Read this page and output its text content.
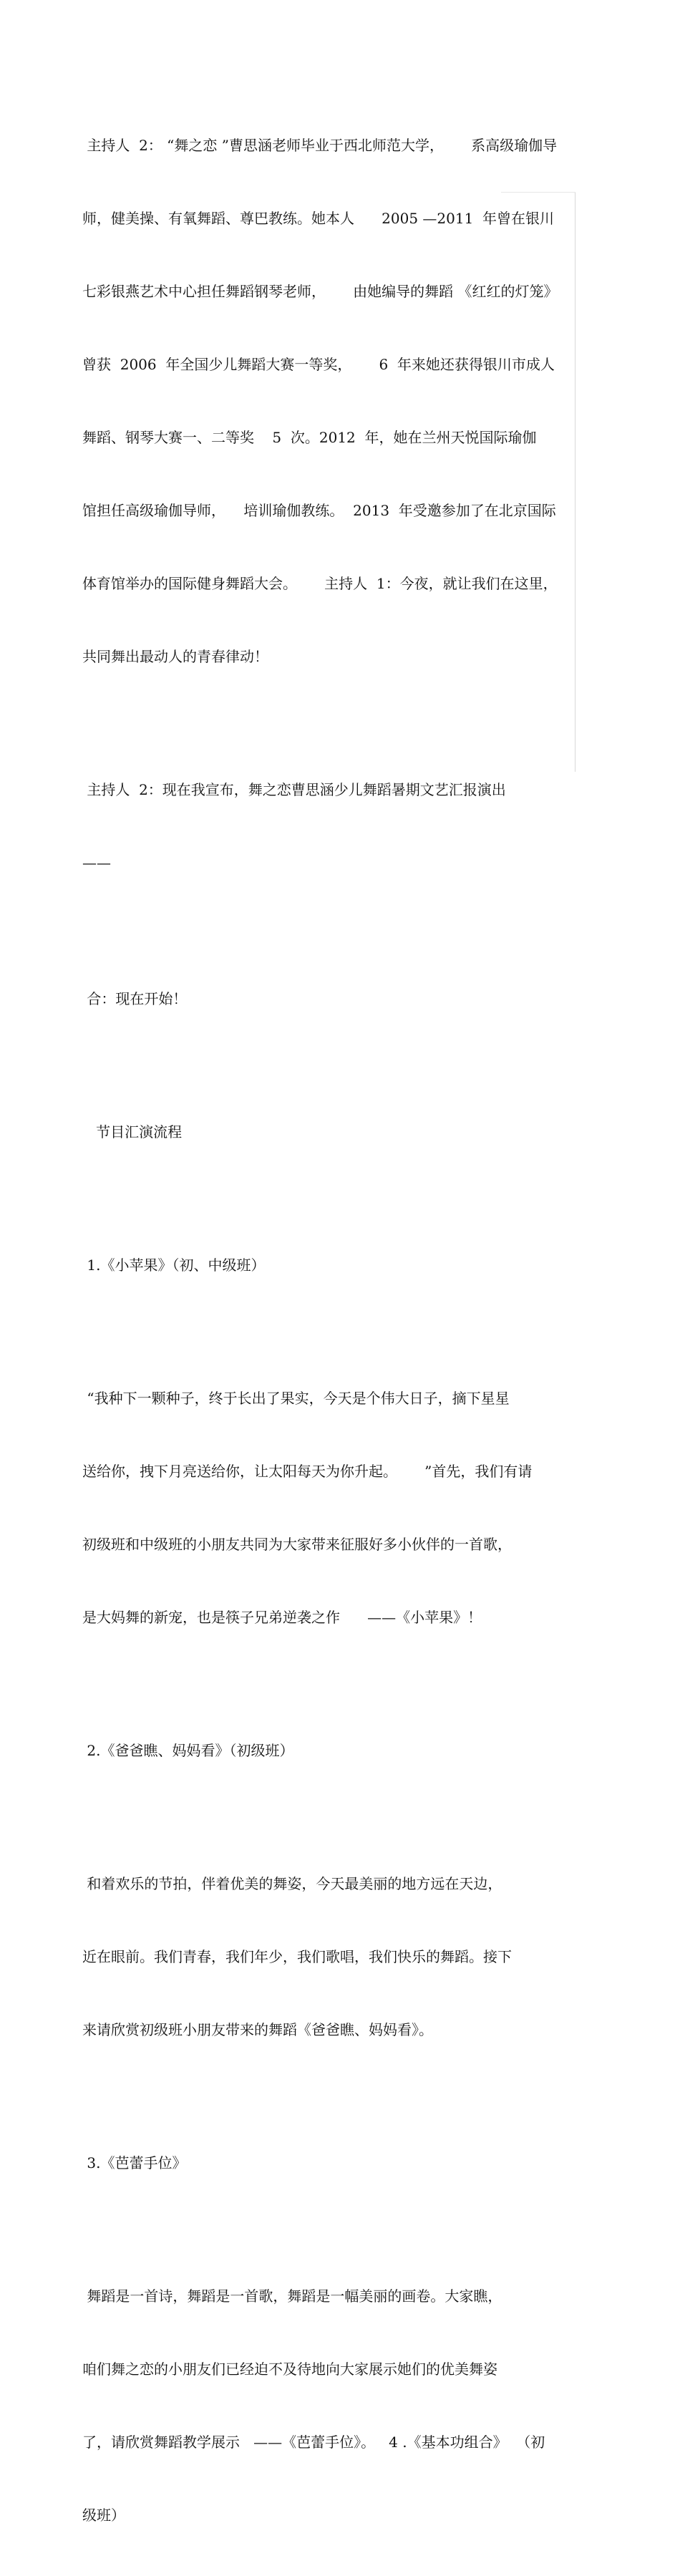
主持人  2： “舞之恋 ”曹思涵老师毕业于西北师范大学，      系高级瑜伽导

师，健美操、有氧舞蹈、尊巴教练。她本人      2005 —2011  年曾在银川

七彩银燕艺术中心担任舞蹈钢琴老师，      由她编导的舞蹈 《红红的灯笼》

曾获  2006  年全国少儿舞蹈大赛一等奖，      6  年来她还获得银川市成人

舞蹈、钢琴大赛一、二等奖    5  次。2012  年，她在兰州天悦国际瑜伽

馆担任高级瑜伽导师，    培训瑜伽教练。  2013  年受邀参加了在北京国际

体育馆举办的国际健身舞蹈大会。      主持人  1：今夜，就让我们在这里，

共同舞出最动人的青春律动！

主持人  2：现在我宣布，舞之恋曹思涵少儿舞蹈暑期文艺汇报演出

——

合：现在开始！

节目汇演流程

1.《小苹果》（初、中级班）

“我种下一颗种子，终于长出了果实，今天是个伟大日子，摘下星星

送给你，拽下月亮送给你，让太阳每天为你升起。      ”首先，我们有请

初级班和中级班的小朋友共同为大家带来征服好多小伙伴的一首歌，

是大妈舞的新宠，也是筷子兄弟逆袭之作      ——《小苹果》！

2.《爸爸瞧、妈妈看》（初级班）

和着欢乐的节拍，伴着优美的舞姿，今天最美丽的地方远在天边，

近在眼前。我们青春，我们年少，我们歌唱，我们快乐的舞蹈。接下

来请欣赏初级班小朋友带来的舞蹈《爸爸瞧、妈妈看》。

3.《芭蕾手位》

舞蹈是一首诗，舞蹈是一首歌，舞蹈是一幅美丽的画卷。大家瞧，

咱们舞之恋的小朋友们已经迫不及待地向大家展示她们的优美舞姿

了，请欣赏舞蹈教学展示   ——《芭蕾手位》。   4 .《基本功组合》  （初

级班）
